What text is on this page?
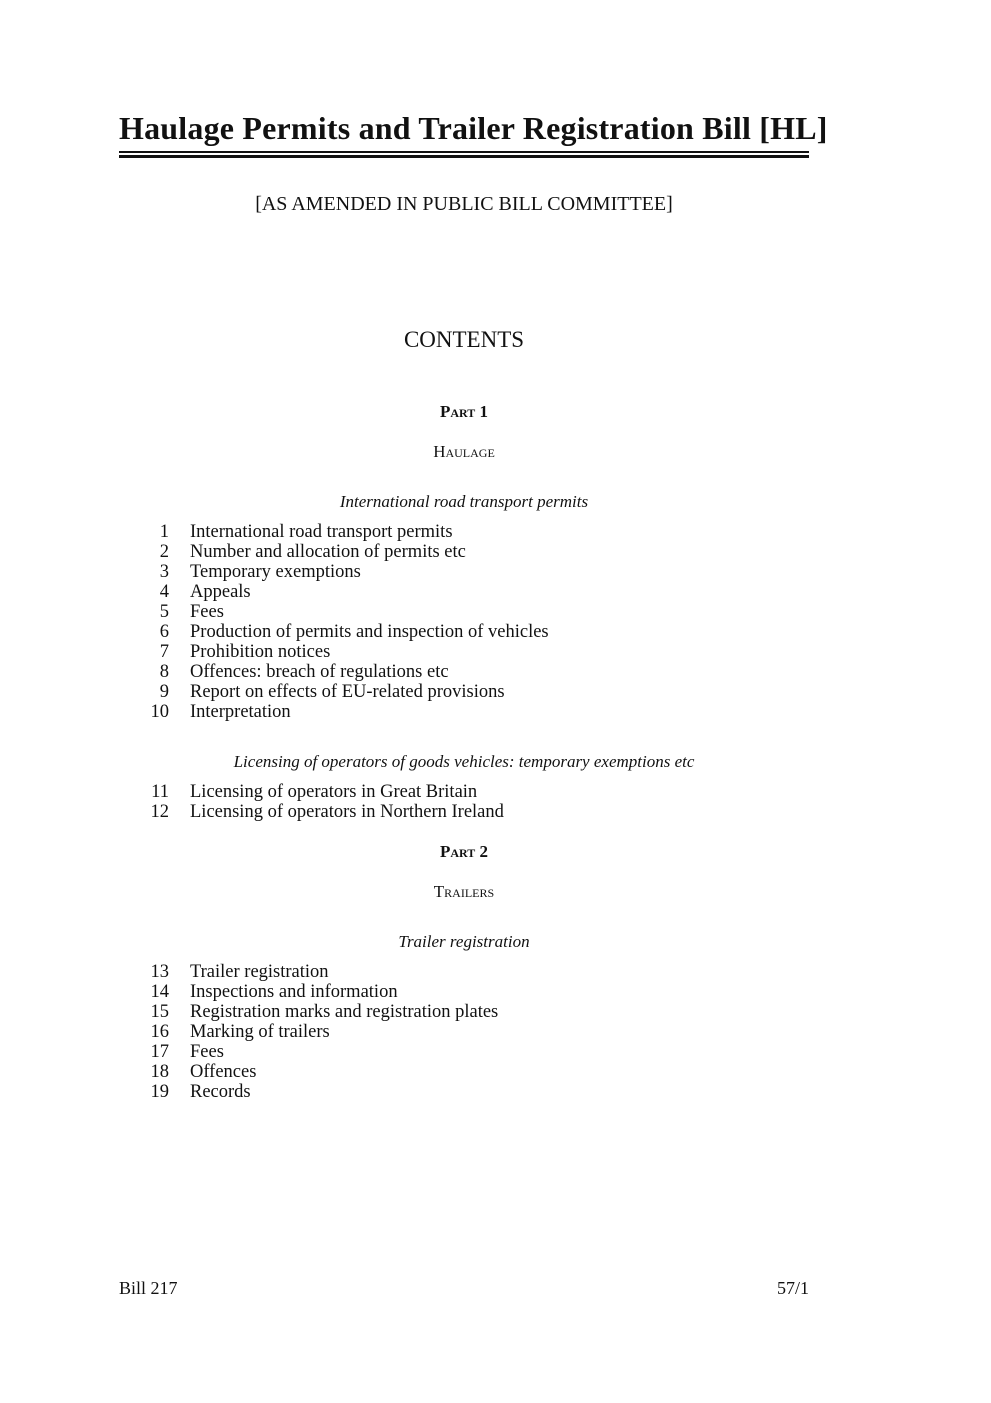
Haulage Permits and Trailer Registration Bill [HL]
[AS AMENDED IN PUBLIC BILL COMMITTEE]
CONTENTS
Part 1
Haulage
International road transport permits
1 International road transport permits
2 Number and allocation of permits etc
3 Temporary exemptions
4 Appeals
5 Fees
6 Production of permits and inspection of vehicles
7 Prohibition notices
8 Offences: breach of regulations etc
9 Report on effects of EU-related provisions
10 Interpretation
Licensing of operators of goods vehicles: temporary exemptions etc
11 Licensing of operators in Great Britain
12 Licensing of operators in Northern Ireland
Part 2
Trailers
Trailer registration
13 Trailer registration
14 Inspections and information
15 Registration marks and registration plates
16 Marking of trailers
17 Fees
18 Offences
19 Records
Bill 217	57/1
